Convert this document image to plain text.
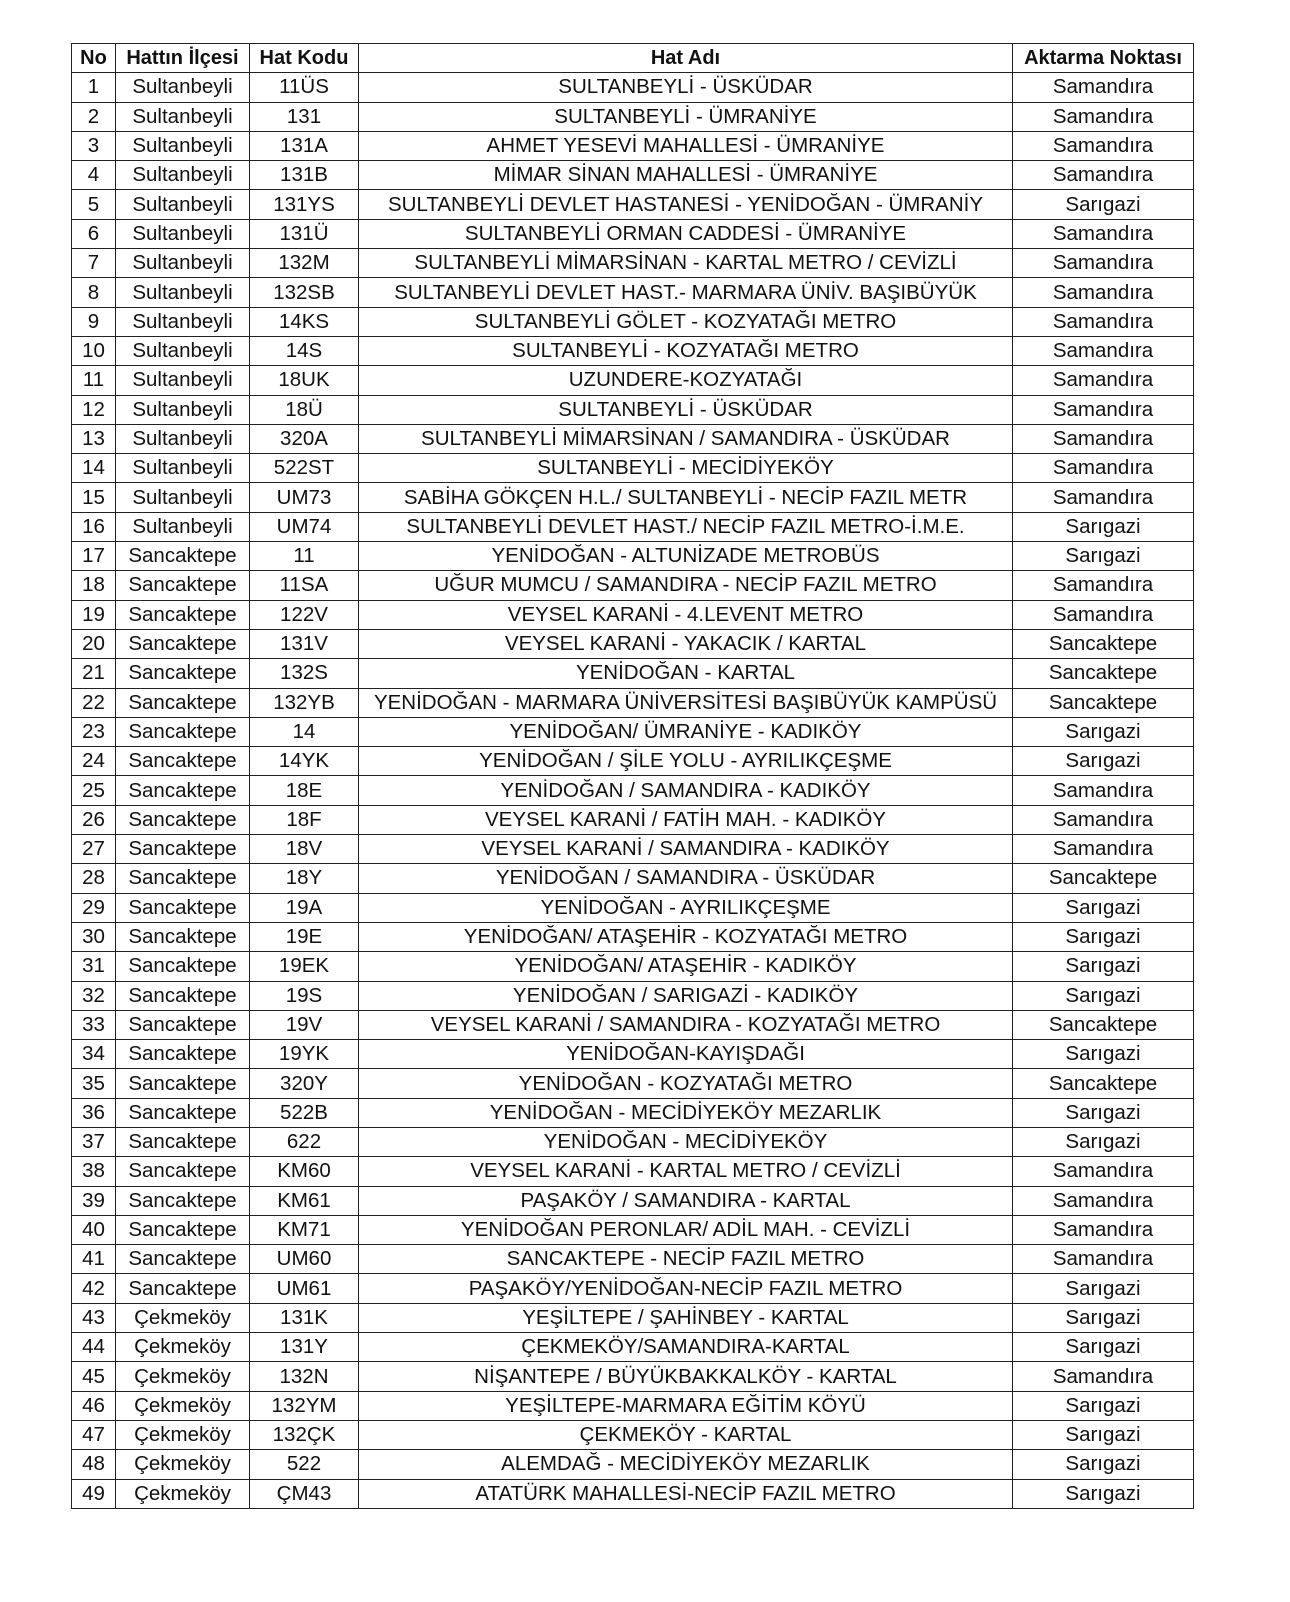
No	Hattın İlçesi	Hat Kodu	Hat Adı	Aktarma Noktası
1	Sultanbeyli	11ÜS	SULTANBEYLİ - ÜSKÜDAR	Samandıra
2	Sultanbeyli	131	SULTANBEYLİ - ÜMRANİYE	Samandıra
3	Sultanbeyli	131A	AHMET YESEVİ MAHALLESİ - ÜMRANİYE	Samandıra
4	Sultanbeyli	131B	MİMAR SİNAN MAHALLESİ - ÜMRANİYE	Samandıra
5	Sultanbeyli	131YS	SULTANBEYLİ DEVLET HASTANESİ - YENİDOĞAN - ÜMRANİY	Sarıgazi
6	Sultanbeyli	131Ü	SULTANBEYLİ ORMAN CADDESİ - ÜMRANİYE	Samandıra
7	Sultanbeyli	132M	SULTANBEYLİ MİMARSİNAN - KARTAL METRO / CEVİZLİ	Samandıra
8	Sultanbeyli	132SB	SULTANBEYLİ DEVLET HAST.- MARMARA ÜNİV. BAŞIBÜYÜK	Samandıra
9	Sultanbeyli	14KS	SULTANBEYLİ GÖLET - KOZYATAĞI METRO	Samandıra
10	Sultanbeyli	14S	SULTANBEYLİ - KOZYATAĞI METRO	Samandıra
11	Sultanbeyli	18UK	UZUNDERE-KOZYATAĞI	Samandıra
12	Sultanbeyli	18Ü	SULTANBEYLİ - ÜSKÜDAR	Samandıra
13	Sultanbeyli	320A	SULTANBEYLİ MİMARSİNAN / SAMANDIRA - ÜSKÜDAR	Samandıra
14	Sultanbeyli	522ST	SULTANBEYLİ - MECİDİYEKÖY	Samandıra
15	Sultanbeyli	UM73	SABİHA GÖKÇEN H.L./ SULTANBEYLİ - NECİP FAZIL METR	Samandıra
16	Sultanbeyli	UM74	SULTANBEYLİ DEVLET HAST./ NECİP FAZIL METRO-İ.M.E.	Sarıgazi
17	Sancaktepe	11	YENİDOĞAN - ALTUNİZADE METROBÜS	Sarıgazi
18	Sancaktepe	11SA	UĞUR MUMCU / SAMANDIRA - NECİP FAZIL METRO	Samandıra
19	Sancaktepe	122V	VEYSEL KARANİ - 4.LEVENT METRO	Samandıra
20	Sancaktepe	131V	VEYSEL KARANİ - YAKACIK / KARTAL	Sancaktepe
21	Sancaktepe	132S	YENİDOĞAN - KARTAL	Sancaktepe
22	Sancaktepe	132YB	YENİDOĞAN - MARMARA ÜNİVERSİTESİ BAŞIBÜYÜK KAMPÜSÜ	Sancaktepe
23	Sancaktepe	14	YENİDOĞAN/ ÜMRANİYE - KADIKÖY	Sarıgazi
24	Sancaktepe	14YK	YENİDOĞAN / ŞİLE YOLU - AYRILIKÇEŞME	Sarıgazi
25	Sancaktepe	18E	YENİDOĞAN / SAMANDIRA - KADIKÖY	Samandıra
26	Sancaktepe	18F	VEYSEL KARANİ / FATİH MAH. - KADIKÖY	Samandıra
27	Sancaktepe	18V	VEYSEL KARANİ / SAMANDIRA - KADIKÖY	Samandıra
28	Sancaktepe	18Y	YENİDOĞAN / SAMANDIRA - ÜSKÜDAR	Sancaktepe
29	Sancaktepe	19A	YENİDOĞAN - AYRILIKÇEŞME	Sarıgazi
30	Sancaktepe	19E	YENİDOĞAN/ ATAŞEHİR - KOZYATAĞI METRO	Sarıgazi
31	Sancaktepe	19EK	YENİDOĞAN/ ATAŞEHİR - KADIKÖY	Sarıgazi
32	Sancaktepe	19S	YENİDOĞAN / SARIGAZİ - KADIKÖY	Sarıgazi
33	Sancaktepe	19V	VEYSEL KARANİ / SAMANDIRA - KOZYATAĞI METRO	Sancaktepe
34	Sancaktepe	19YK	YENİDOĞAN-KAYIŞDAĞI	Sarıgazi
35	Sancaktepe	320Y	YENİDOĞAN - KOZYATAĞI METRO	Sancaktepe
36	Sancaktepe	522B	YENİDOĞAN - MECİDİYEKÖY MEZARLIK	Sarıgazi
37	Sancaktepe	622	YENİDOĞAN - MECİDİYEKÖY	Sarıgazi
38	Sancaktepe	KM60	VEYSEL KARANİ - KARTAL METRO / CEVİZLİ	Samandıra
39	Sancaktepe	KM61	PAŞAKÖY / SAMANDIRA - KARTAL	Samandıra
40	Sancaktepe	KM71	YENİDOĞAN PERONLAR/ ADİL MAH. - CEVİZLİ	Samandıra
41	Sancaktepe	UM60	SANCAKTEPE - NECİP FAZIL METRO	Samandıra
42	Sancaktepe	UM61	PAŞAKÖY/YENİDOĞAN-NECİP FAZIL METRO	Sarıgazi
43	Çekmeköy	131K	YEŞİLTEPE / ŞAHİNBEY - KARTAL	Sarıgazi
44	Çekmeköy	131Y	ÇEKMEKÖY/SAMANDIRA-KARTAL	Sarıgazi
45	Çekmeköy	132N	NİŞANTEPE / BÜYÜKBAKKALKÖY - KARTAL	Samandıra
46	Çekmeköy	132YM	YEŞİLTEPE-MARMARA EĞİTİM KÖYÜ	Sarıgazi
47	Çekmeköy	132ÇK	ÇEKMEKÖY - KARTAL	Sarıgazi
48	Çekmeköy	522	ALEMDAĞ - MECİDİYEKÖY MEZARLIK	Sarıgazi
49	Çekmeköy	ÇM43	ATATÜRK MAHALLESİ-NECİP FAZIL METRO	Sarıgazi
